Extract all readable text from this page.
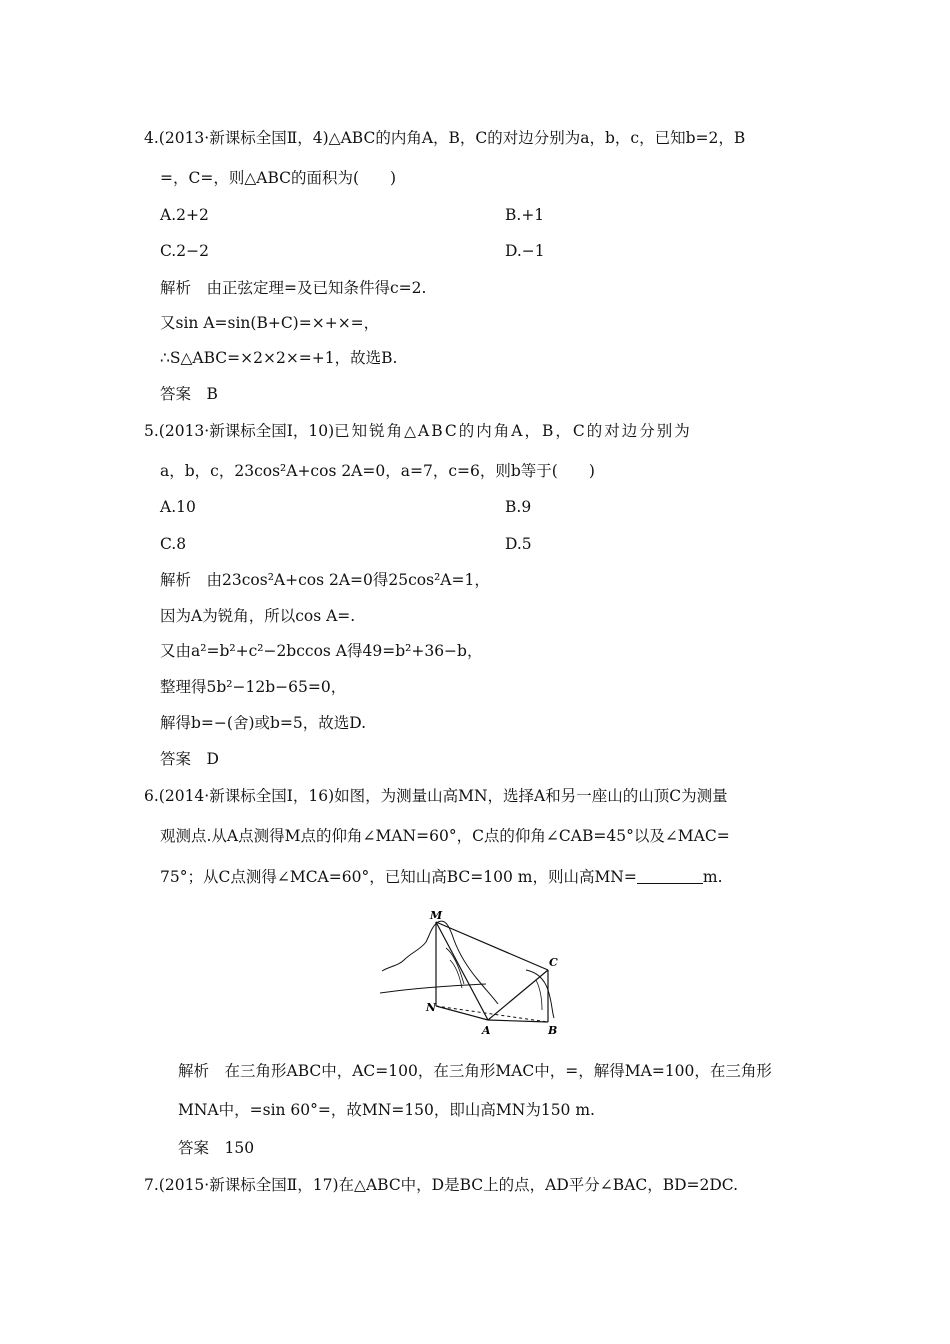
4.(2013·新课标全国Ⅱ，4)△ABC的内角A，B，C的对边分别为a，b，c，已知b=2，B
=，C=，则△ABC的面积为(　　)
A.2+2	B.+1
C.2−2	D.−1
解析　由正弦定理=及已知条件得c=2.
又sin A=sin(B+C)=×+×=，
∴S△ABC=×2×2×=+1，故选B.
答案　B
5.(2013·新课标全国Ⅰ，10)已知锐角△ABC的内角A，B，C的对边分别为
a，b，c，23cos²A+cos 2A=0，a=7，c=6，则b等于(　　)
A.10	B.9
C.8	D.5
解析　由23cos²A+cos 2A=0得25cos²A=1，
因为A为锐角，所以cos A=.
又由a²=b²+c²−2bccos A得49=b²+36−b，
整理得5b²−12b−65=0，
解得b=−(舍)或b=5，故选D.
答案　D
6.(2014·新课标全国Ⅰ，16)如图，为测量山高MN，选择A和另一座山的山顶C为测量
观测点.从A点测得M点的仰角∠MAN=60°，C点的仰角∠CAB=45°以及∠MAC=
75°；从C点测得∠MCA=60°，已知山高BC=100 m，则山高MN=	m.
M
C
N
A	B
解析　在三角形ABC中，AC=100，在三角形MAC中，=，解得MA=100，在三角形
MNA中，=sin 60°=，故MN=150，即山高MN为150 m.
答案　150
7.(2015·新课标全国Ⅱ，17)在△ABC中，D是BC上的点，AD平分∠BAC，BD=2DC.
